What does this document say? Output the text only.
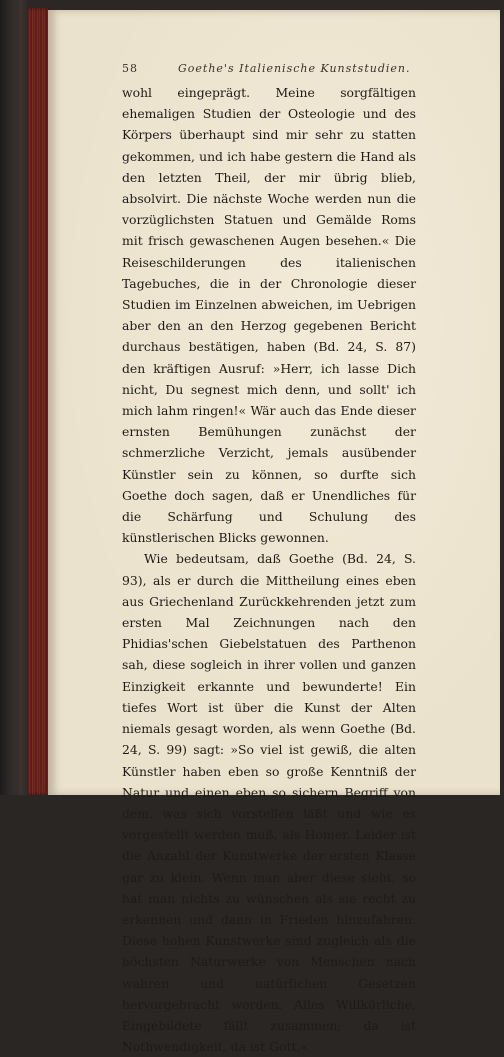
58	Goethe's Italienische Kunststudien.

wohl eingeprägt. Meine sorgfältigen ehemaligen Studien der Osteologie und des Körpers überhaupt sind mir sehr zu statten gekommen, und ich habe gestern die Hand als den letzten Theil, der mir übrig blieb, absolvirt. Die nächste Woche werden nun die vorzüglichsten Statuen und Gemälde Roms mit frisch gewaschenen Augen besehen.« Die Reiseschilderungen des italienischen Tagebuches, die in der Chronologie dieser Studien im Einzelnen abweichen, im Uebrigen aber den an den Herzog gegebenen Bericht durchaus bestätigen, haben (Bd. 24, S. 87) den kräftigen Ausruf: »Herr, ich lasse Dich nicht, Du segnest mich denn, und sollt' ich mich lahm ringen!« Wär auch das Ende dieser ernsten Bemühungen zunächst der schmerzliche Verzicht, jemals ausübender Künstler sein zu können, so durfte sich Goethe doch sagen, daß er Unendliches für die Schärfung und Schulung des künstlerischen Blicks gewonnen.

Wie bedeutsam, daß Goethe (Bd. 24, S. 93), als er durch die Mittheilung eines eben aus Griechenland Zurückkehrenden jetzt zum ersten Mal Zeichnungen nach den Phidias'schen Giebelstatuen des Parthenon sah, diese sogleich in ihrer vollen und ganzen Einzigkeit erkannte und bewunderte! Ein tiefes Wort ist über die Kunst der Alten niemals gesagt worden, als wenn Goethe (Bd. 24, S. 99) sagt: »So viel ist gewiß, die alten Künstler haben eben so große Kenntniß der Natur und einen eben so sichern Begriff von dem, was sich vorstellen läßt und wie es vorgestellt werden muß, als Homer. Leider ist die Anzahl der Kunstwerke der ersten Klasse gar zu klein. Wenn man aber diese sieht, so hat man nichts zu wünschen als sie recht zu erkennen und dann in Frieden hinzufahren. Diese hohen Kunstwerke sind zugleich als die höchsten Naturwerke von Menschen nach wahren und natürlichen Gesetzen hervorgebracht worden. Alles Willkürliche, Eingebildete fällt zusammen; da ist Nothwendigkeit, da ist Gott.«
